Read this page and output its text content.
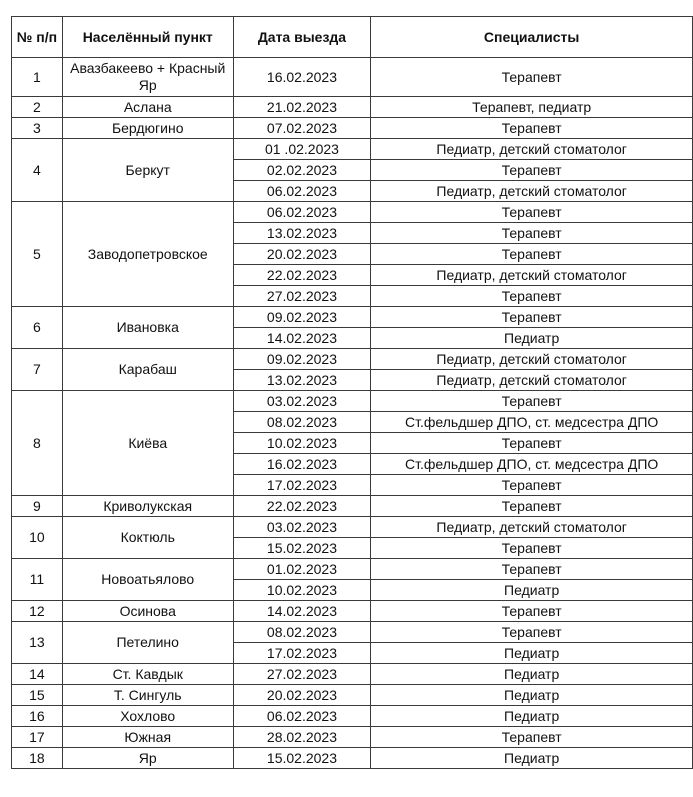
№ п/п	Населённый пункт	Дата выезда	Специалисты
1	Авазбакеево + Красный Яр	16.02.2023	Терапевт
2	Аслана	21.02.2023	Терапевт, педиатр
3	Бердюгино	07.02.2023	Терапевт
4	Беркут	01 .02.2023	Педиатр, детский стоматолог
		02.02.2023	Терапевт
		06.02.2023	Педиатр, детский стоматолог
5	Заводопетровское	06.02.2023	Терапевт
		13.02.2023	Терапевт
		20.02.2023	Терапевт
		22.02.2023	Педиатр, детский стоматолог
		27.02.2023	Терапевт
6	Ивановка	09.02.2023	Терапевт
		14.02.2023	Педиатр
7	Карабаш	09.02.2023	Педиатр, детский стоматолог
		13.02.2023	Педиатр, детский стоматолог
8	Киёва	03.02.2023	Терапевт
		08.02.2023	Ст.фельдшер ДПО, ст. медсестра ДПО
		10.02.2023	Терапевт
		16.02.2023	Ст.фельдшер ДПО, ст. медсестра ДПО
		17.02.2023	Терапевт
9	Криволукская	22.02.2023	Терапевт
10	Коктюль	03.02.2023	Педиатр, детский стоматолог
		15.02.2023	Терапевт
11	Новоатьялово	01.02.2023	Терапевт
		10.02.2023	Педиатр
12	Осинова	14.02.2023	Терапевт
13	Петелино	08.02.2023	Терапевт
		17.02.2023	Педиатр
14	Ст. Кавдык	27.02.2023	Педиатр
15	Т. Сингуль	20.02.2023	Педиатр
16	Хохлово	06.02.2023	Педиатр
17	Южная	28.02.2023	Терапевт
18	Яр	15.02.2023	Педиатр
